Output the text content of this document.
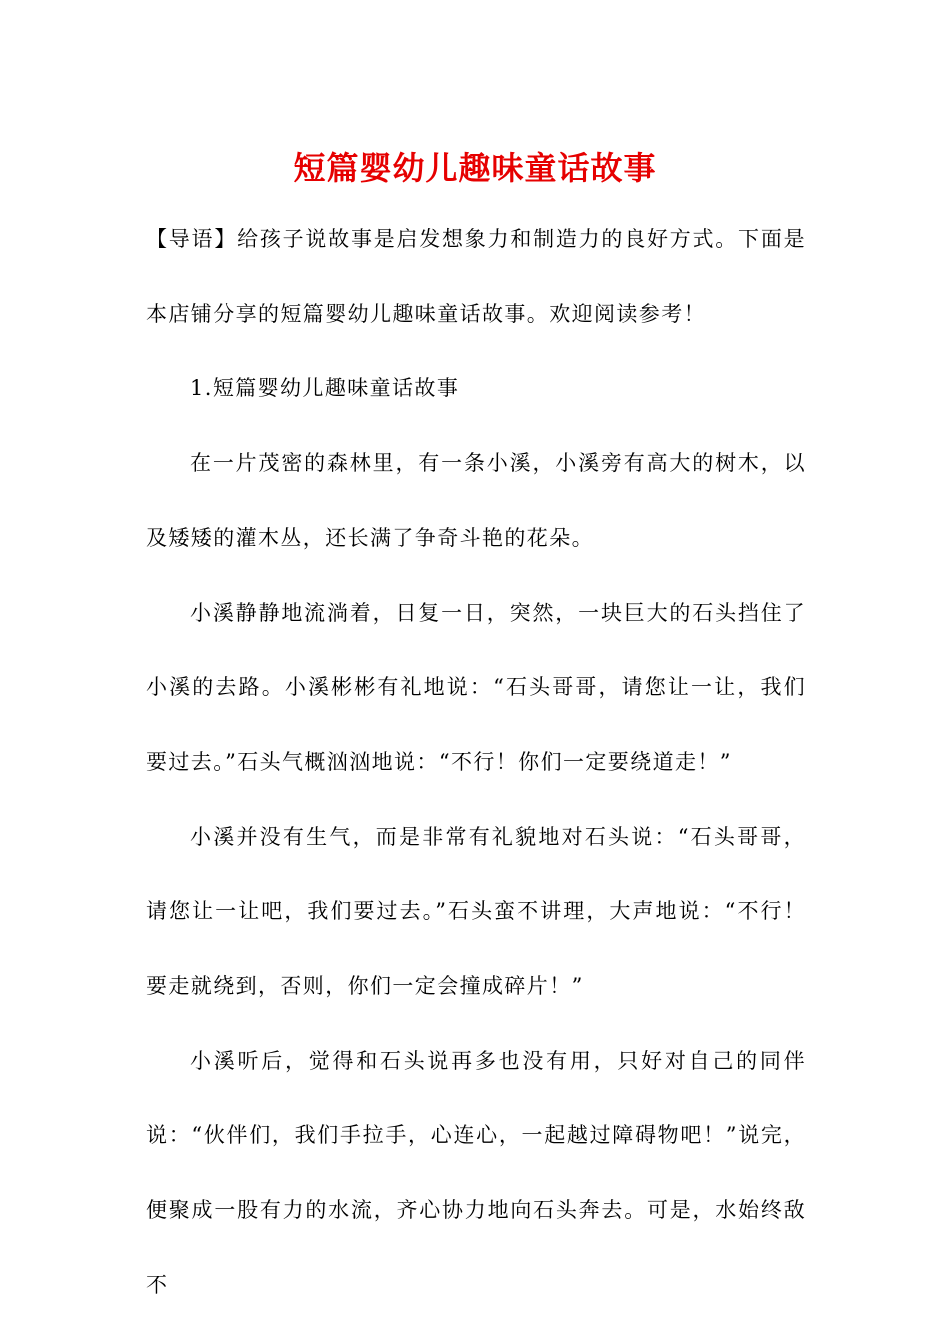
短篇婴幼儿趣味童话故事

【导语】给孩子说故事是启发想象力和制造力的良好方式。下面是本店铺分享的短篇婴幼儿趣味童话故事。欢迎阅读参考！

1.短篇婴幼儿趣味童话故事

在一片茂密的森林里，有一条小溪，小溪旁有高大的树木，以及矮矮的灌木丛，还长满了争奇斗艳的花朵。

小溪静静地流淌着，日复一日，突然，一块巨大的石头挡住了小溪的去路。小溪彬彬有礼地说：“石头哥哥，请您让一让，我们要过去。”石头气概汹汹地说：“不行！你们一定要绕道走！”

小溪并没有生气，而是非常有礼貌地对石头说：“石头哥哥，请您让一让吧，我们要过去。”石头蛮不讲理，大声地说：“不行！要走就绕到，否则，你们一定会撞成碎片！”

小溪听后，觉得和石头说再多也没有用，只好对自己的同伴说：“伙伴们，我们手拉手，心连心，一起越过障碍物吧！”说完，便聚成一股有力的水流，齐心协力地向石头奔去。可是，水始终敌不
